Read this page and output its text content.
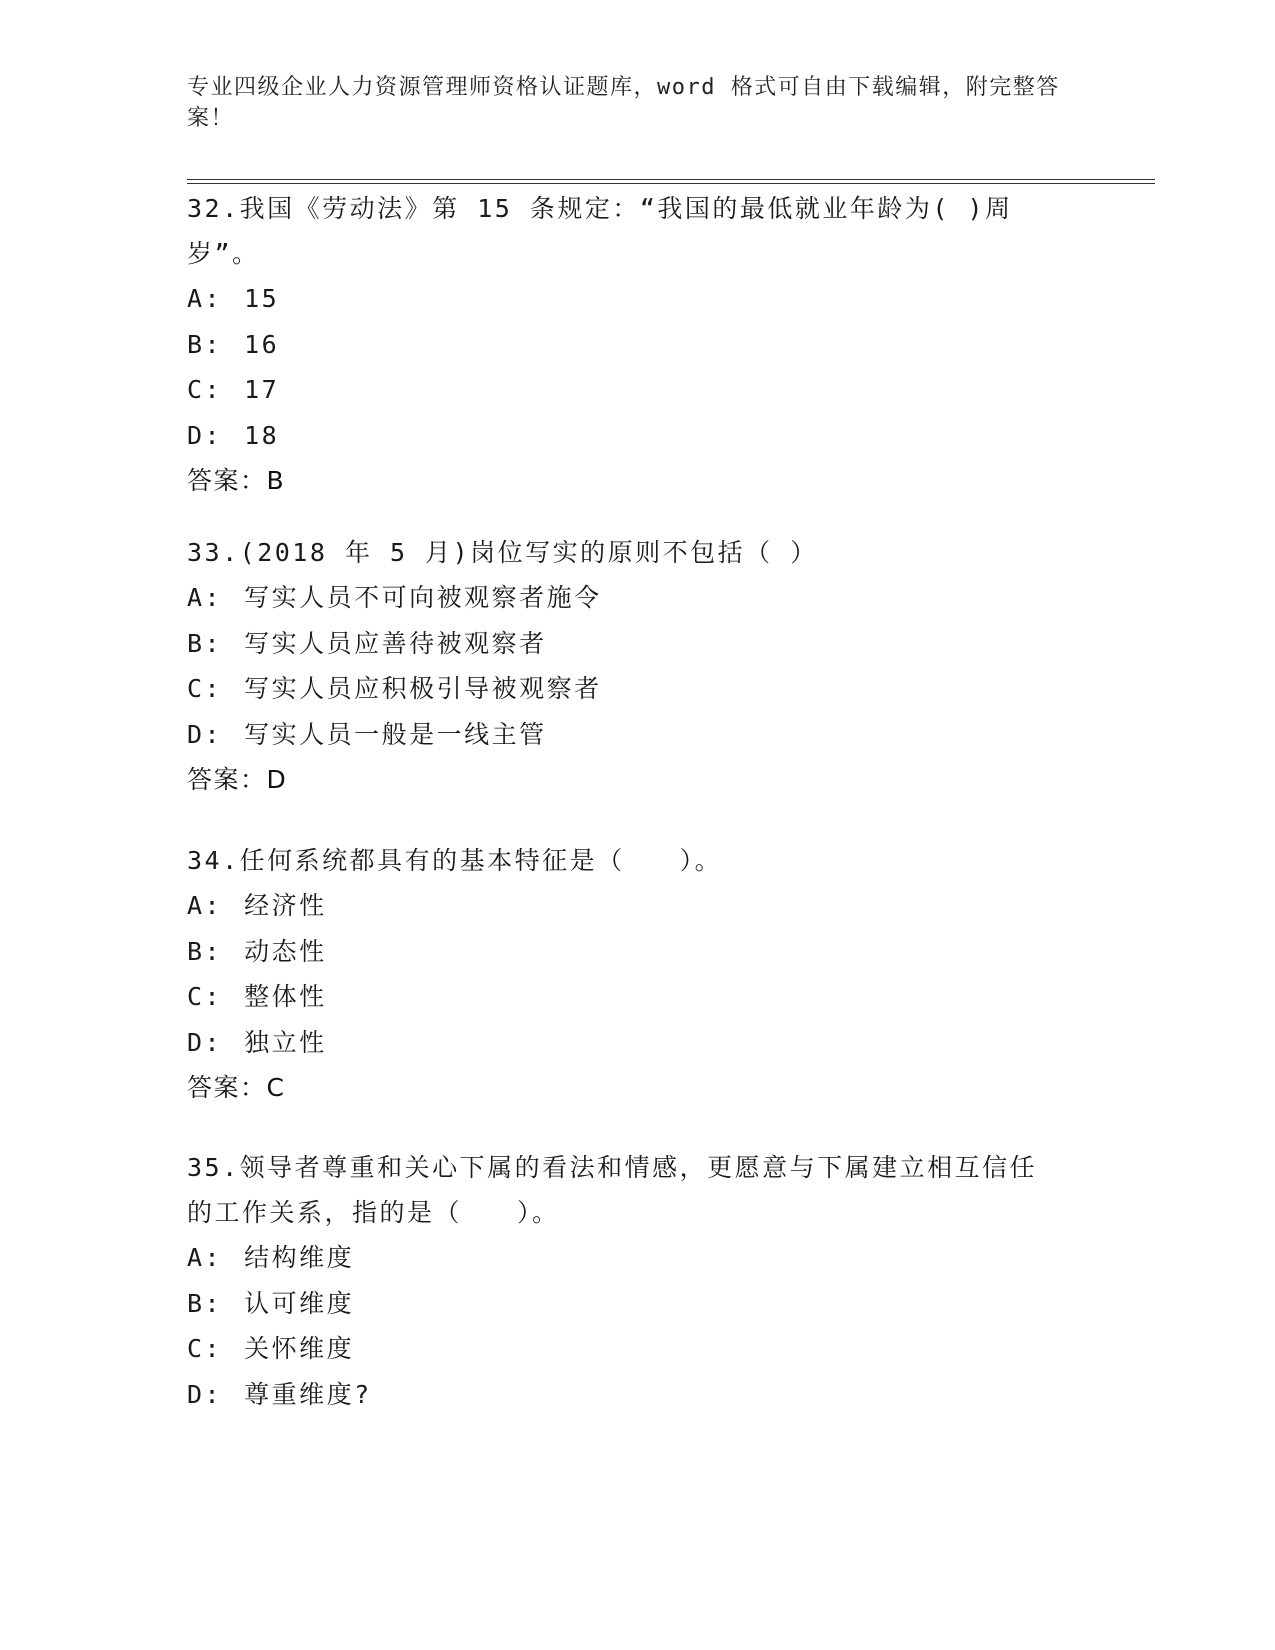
专业四级企业人力资源管理师资格认证题库，word 格式可自由下载编辑，附完整答案！

32.我国《劳动法》第 15 条规定：“我国的最低就业年龄为( )周岁”。

A: 15

B: 16

C: 17

D: 18

答案：B

33.(2018 年 5 月)岗位写实的原则不包括（ ）

A: 写实人员不可向被观察者施令

B: 写实人员应善待被观察者

C: 写实人员应积极引导被观察者

D: 写实人员一般是一线主管

答案：D

34.任何系统都具有的基本特征是（　　）。

A: 经济性

B: 动态性

C: 整体性

D: 独立性

答案：C

35.领导者尊重和关心下属的看法和情感，更愿意与下属建立相互信任的工作关系，指的是（　　）。

A: 结构维度

B: 认可维度

C: 关怀维度

D: 尊重维度?
